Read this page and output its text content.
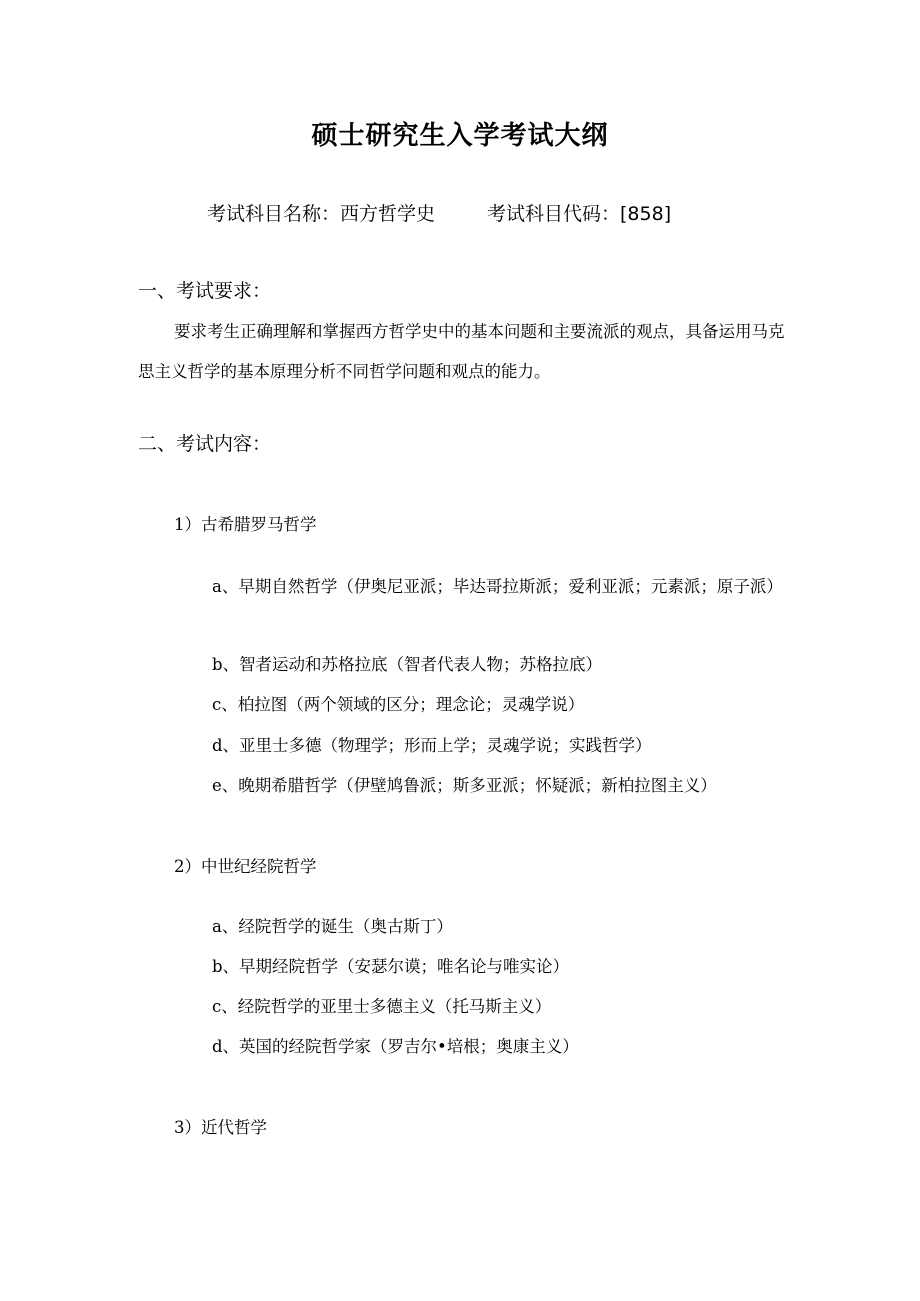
硕士研究生入学考试大纲
考试科目名称：西方哲学史	考试科目代码：[858]
一、考试要求：

要求考生正确理解和掌握西方哲学史中的基本问题和主要流派的观点，具备运用马克思主义哲学的基本原理分析不同哲学问题和观点的能力。

二、考试内容：

1）古希腊罗马哲学

a、早期自然哲学（伊奥尼亚派；毕达哥拉斯派；爱利亚派；元素派；原子派）

b、智者运动和苏格拉底（智者代表人物；苏格拉底）

c、柏拉图（两个领域的区分；理念论；灵魂学说）

d、亚里士多德（物理学；形而上学；灵魂学说；实践哲学）

e、晚期希腊哲学（伊壁鸠鲁派；斯多亚派；怀疑派；新柏拉图主义）

2）中世纪经院哲学

a、经院哲学的诞生（奥古斯丁）

b、早期经院哲学（安瑟尔谟；唯名论与唯实论）

c、经院哲学的亚里士多德主义（托马斯主义）

d、英国的经院哲学家（罗吉尔•培根；奥康主义）

3）近代哲学
